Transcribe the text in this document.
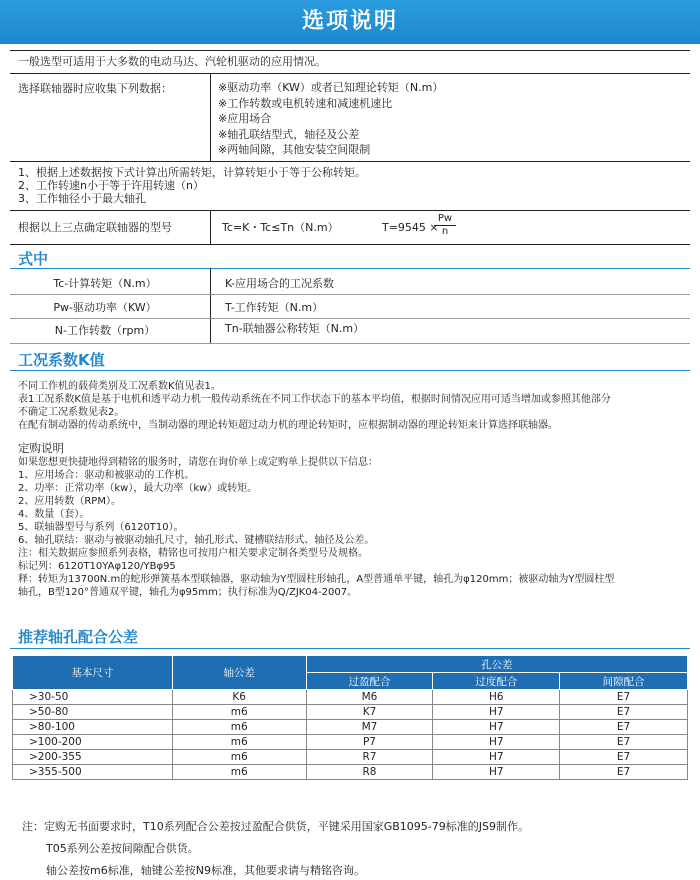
选项说明
一般选型可适用于大多数的电动马达、汽轮机驱动的应用情况。
选择联轴器时应收集下列数据：	※驱动功率（KW）或者已知理论转矩（N.m）
※工作转数或电机转速和减速机速比
※应用场合
※轴孔联结型式，轴径及公差
※两轴间隙，其他安装空间限制
1、根据上述数据按下式计算出所需转矩，计算转矩小于等于公称转矩。
2、工作转速n小于等于许用转速（n）
3、工作轴径小于最大轴孔
根据以上三点确定联轴器的型号	Tc=K・Tc≤Tn（N.m）	T=9545 ×
$\frac{Pw}{n}$
式中
Tc-计算转矩（N.m）	K-应用场合的工况系数
Pw-驱动功率（KW）	T-工作转矩（N.m）
N-工作转数（rpm）	Tn-联轴器公称转矩（N.m）
工况系数K值
不同工作机的载荷类别及工况系数K值见表1。
表1工况系数K值是基于电机和透平动力机一般传动系统在不同工作状态下的基本平均值，根据时间情况应用可适当增加或参照其他部分
不确定工况系数见表2。
在配有制动器的传动系统中，当制动器的理论转矩超过动力机的理论转矩时，应根据制动器的理论转矩来计算选择联轴器。
定购说明
如果您想更快捷地得到精铭的服务时，请您在询价单上或定购单上提供以下信息：
1、应用场合：驱动和被驱动的工作机。
2、功率：正常功率（kw），最大功率（kw）或转矩。
2、应用转数（RPM）。
4、数量（套）。
5、联轴器型号与系列（6120T10）。
6、轴孔联结：驱动与被驱动轴孔尺寸，轴孔形式、键槽联结形式、轴径及公差。
注：相关数据应参照系列表格，精铭也可按用户相关要求定制各类型号及规格。
标记列：6120T10YAφ120/YBφ95
释：转矩为13700N.m的蛇形弹簧基本型联轴器，驱动轴为Y型圆柱形轴孔，A型普通单平键，轴孔为φ120mm；被驱动轴为Y型圆柱型
轴孔，B型120°普通双平键，轴孔为φ95mm；执行标准为Q/ZJK04-2007。
推荐轴孔配合公差
基本尺寸	轴公差	孔公差		
		过盈配合	过度配合	间隙配合
>30-50	K6	M6	H6	E7
>50-80	m6	K7	H7	E7
>80-100	m6	M7	H7	E7
>100-200	m6	P7	H7	E7
>200-355	m6	R7	H7	E7
>355-500	m6	R8	H7	E7
注：定购无书面要求时，T10系列配合公差按过盈配合供货，平键采用国家GB1095-79标准的JS9制作。
T05系列公差按间隙配合供货。
轴公差按m6标准，轴键公差按N9标准，其他要求请与精铭咨询。
